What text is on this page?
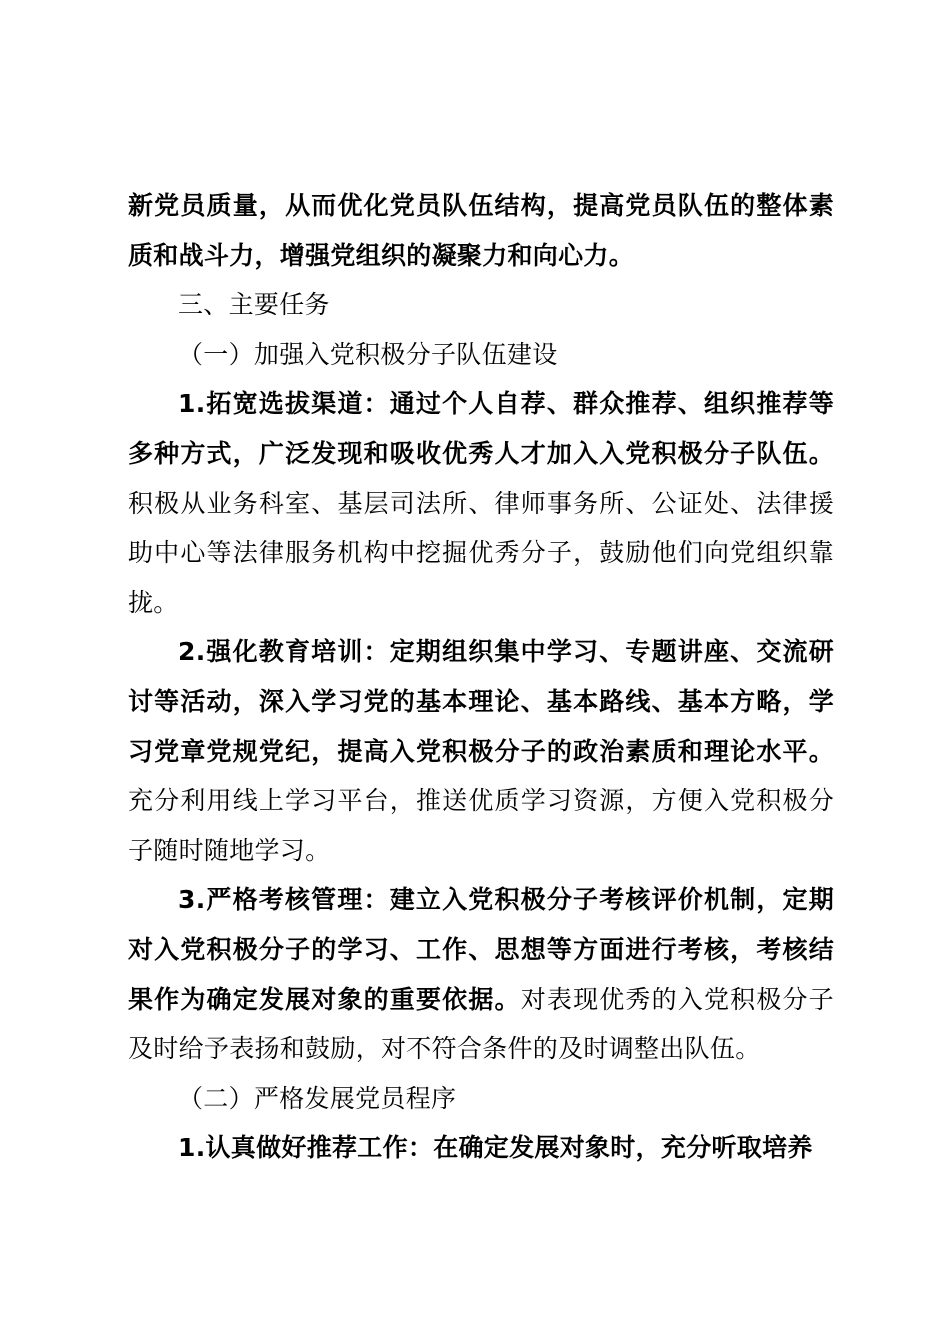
新党员质量，从而优化党员队伍结构，提高党员队伍的整体素质和战斗力，增强党组织的凝聚力和向心力。

三、主要任务

（一）加强入党积极分子队伍建设

1.拓宽选拔渠道：通过个人自荐、群众推荐、组织推荐等多种方式，广泛发现和吸收优秀人才加入入党积极分子队伍。积极从业务科室、基层司法所、律师事务所、公证处、法律援助中心等法律服务机构中挖掘优秀分子，鼓励他们向党组织靠拢。

2.强化教育培训：定期组织集中学习、专题讲座、交流研讨等活动，深入学习党的基本理论、基本路线、基本方略，学习党章党规党纪，提高入党积极分子的政治素质和理论水平。充分利用线上学习平台，推送优质学习资源，方便入党积极分子随时随地学习。

3.严格考核管理：建立入党积极分子考核评价机制，定期对入党积极分子的学习、工作、思想等方面进行考核，考核结果作为确定发展对象的重要依据。对表现优秀的入党积极分子及时给予表扬和鼓励，对不符合条件的及时调整出队伍。

（二）严格发展党员程序

1.认真做好推荐工作：在确定发展对象时，充分听取培养
